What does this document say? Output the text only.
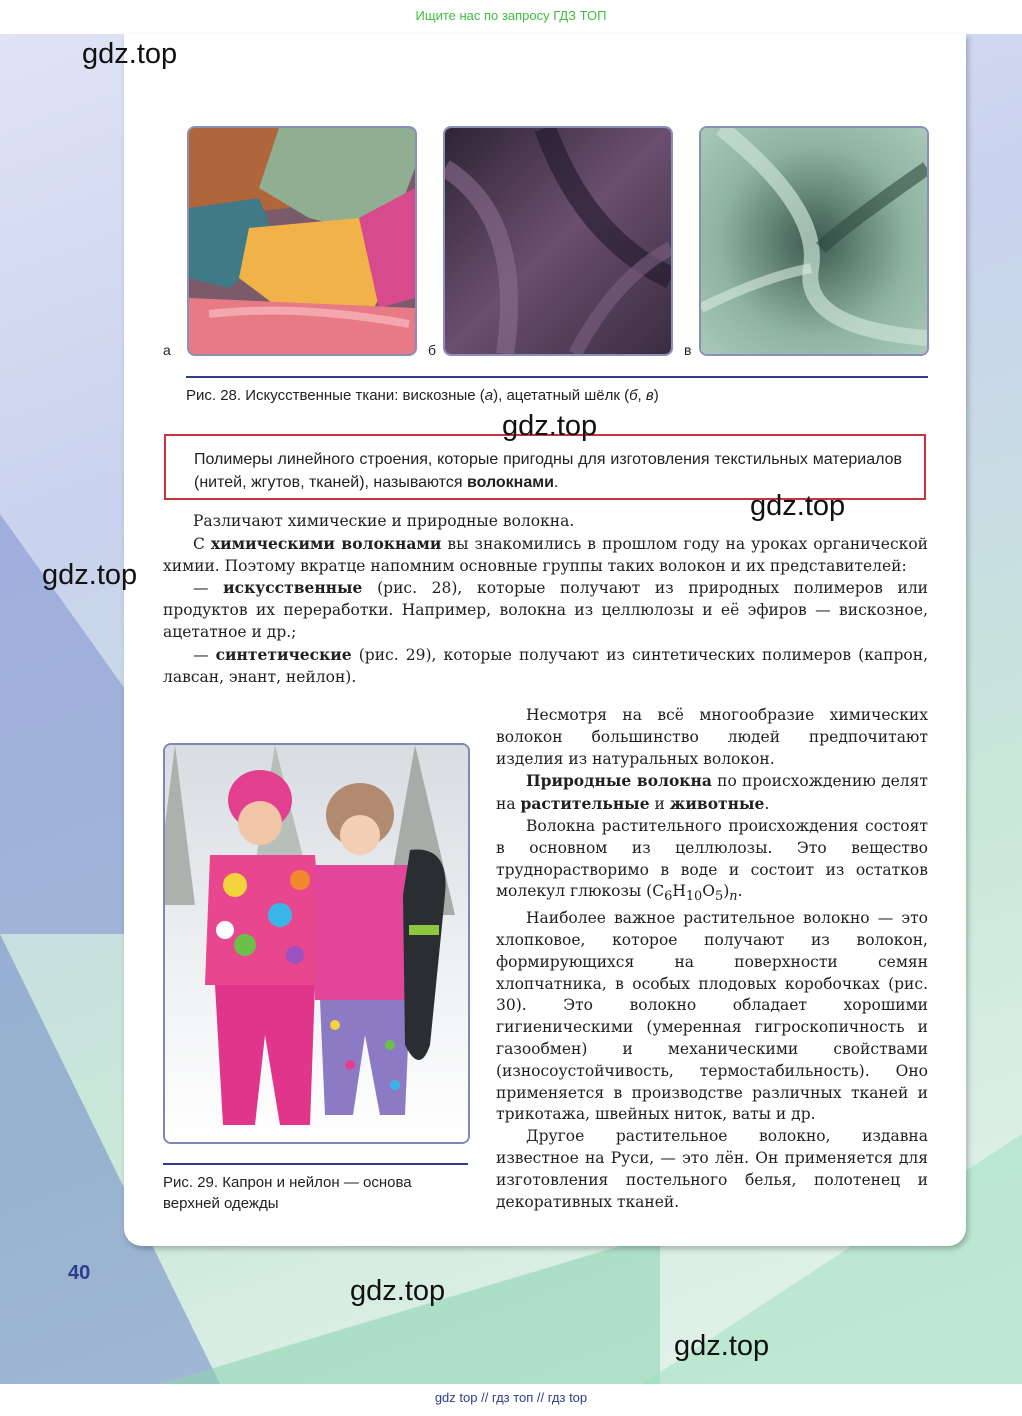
Ищите нас по запросу ГДЗ ТОП
а	б	в
Рис. 28. Искусственные ткани: вискозные (а), ацетатный шёлк (б, в)
Полимеры линейного строения, которые пригодны для изготовления текстильных материалов (нитей, жгутов, тканей), называются волокнами.

Различают химические и природные волокна.

С химическими волокнами вы знакомились в прошлом году на уроках органической химии. Поэтому вкратце напомним основные группы таких волокон и их представителей:

— искусственные (рис. 28), которые получают из природных полимеров или продуктов их переработки. Например, волокна из целлюлозы и её эфиров — вискозное, ацетатное и др.;

— синтетические (рис. 29), которые получают из синтетических полимеров (капрон, лавсан, энант, нейлон).

Рис. 29. Капрон и нейлон — основа верхней одежды

Несмотря на всё многообразие химических волокон большинство людей предпочитают изделия из натуральных волокон.

Природные волокна по происхождению делят на растительные и животные.

Волокна растительного происхождения состоят в основном из целлюлозы. Это вещество труднорастворимо в воде и состоит из остатков молекул глюкозы $(C_6H_{10}O_5)_n$.

Наиболее важное растительное волокно — это хлопковое, которое получают из волокон, формирующихся на поверхности семян хлопчатника, в особых плодовых коробочках (рис. 30). Это волокно обладает хорошими гигиеническими (умеренная гигроскопичность и газообмен) и механическими свойствами (износоустойчивость, термостабильность). Оно применяется в производстве различных тканей и трикотажа, швейных ниток, ваты и др.

Другое растительное волокно, издавна известное на Руси, — это лён. Он применяется для изготовления постельного белья, полотенец и декоративных тканей.

40
gdz.top
gdz.top
gdz.top
gdz.top
gdz.top
gdz.top
gdz top // гдз топ // гдз top
